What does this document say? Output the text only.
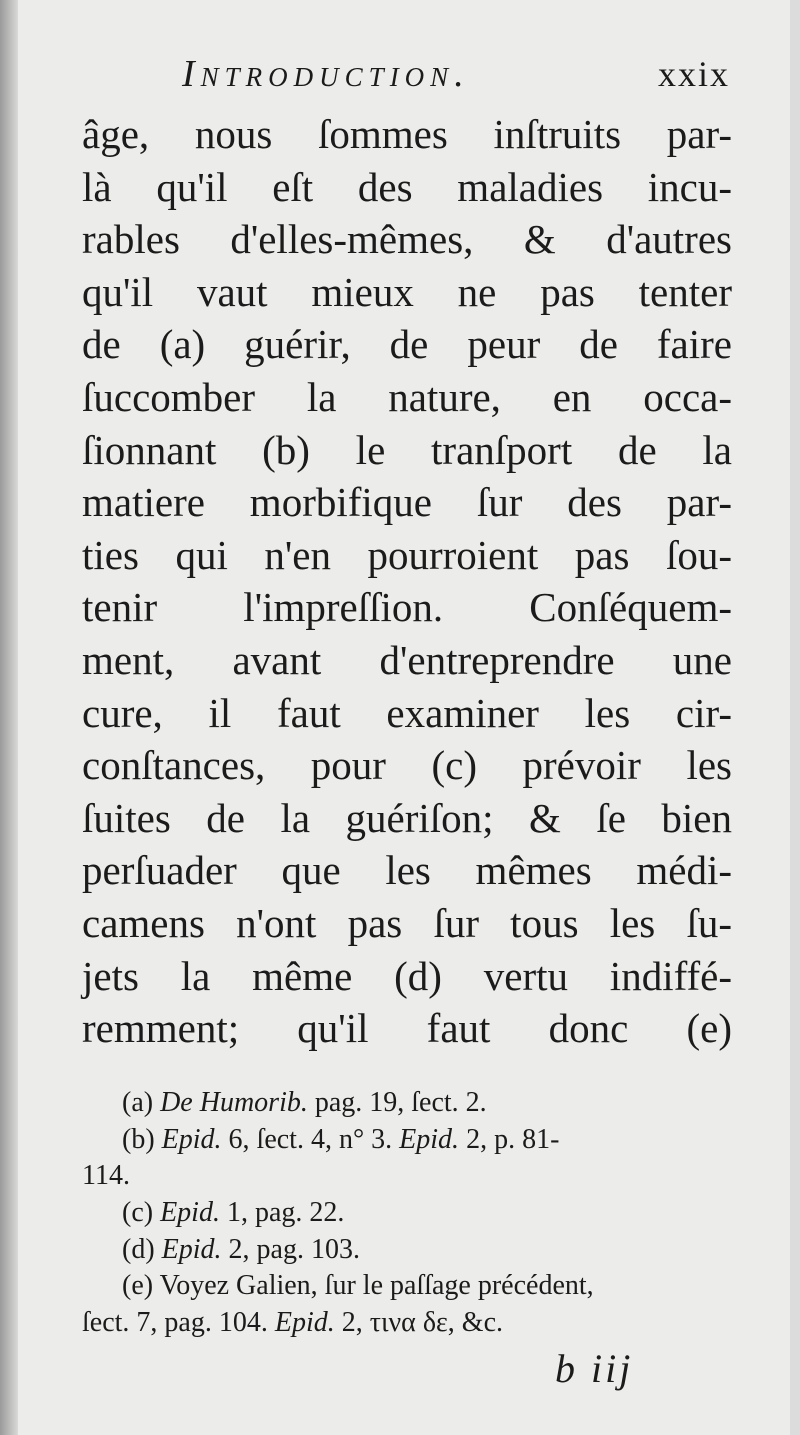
Introduction.	xxix
âge, nous ſommes inſtruits par-
là qu'il eſt des maladies incu-
rables d'elles-mêmes, & d'autres
qu'il vaut mieux ne pas tenter
de (a) guérir, de peur de faire
ſuccomber la nature, en occa-
ſionnant (b) le tranſport de la
matiere morbifique ſur des par-
ties qui n'en pourroient pas ſou-
tenir l'impreſſion. Conſéquem-
ment, avant d'entreprendre une
cure, il faut examiner les cir-
conſtances, pour (c) prévoir les
ſuites de la guériſon; & ſe bien
perſuader que les mêmes médi-
camens n'ont pas ſur tous les ſu-
jets la même (d) vertu indiffé-
remment; qu'il faut donc (e)
(a) De Humorib. pag. 19, ſect. 2.
(b) Epid. 6, ſect. 4, n° 3. Epid. 2, p. 81-
114.
(c) Epid. 1, pag. 22.
(d) Epid. 2, pag. 103.
(e) Voyez Galien, ſur le paſſage précédent,
ſect. 7, pag. 104. Epid. 2, τινα δε, &c.
b iij
